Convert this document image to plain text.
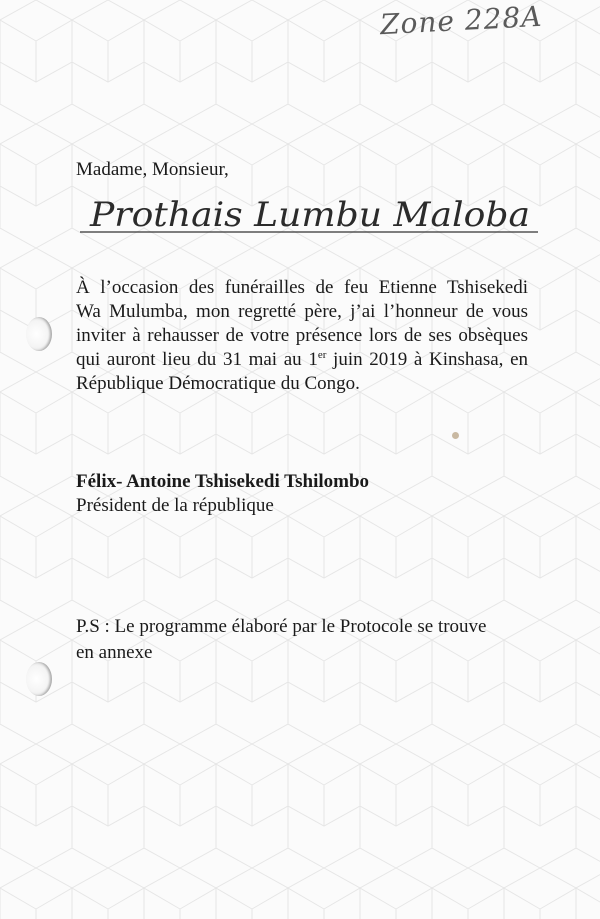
Zone 228A
Madame, Monsieur,
Prothais Lumbu Maloba
À l’occasion des funérailles de feu Etienne Tshisekedi
Wa Mulumba, mon regretté père, j’ai l’honneur de vous
inviter à rehausser de votre présence lors de ses obsèques
qui auront lieu du 31 mai au 1er juin 2019 à Kinshasa, en
République Démocratique du Congo.
Félix- Antoine Tshisekedi Tshilombo
Président de la république
P.S : Le programme élaboré par le Protocole se trouve
en annexe
